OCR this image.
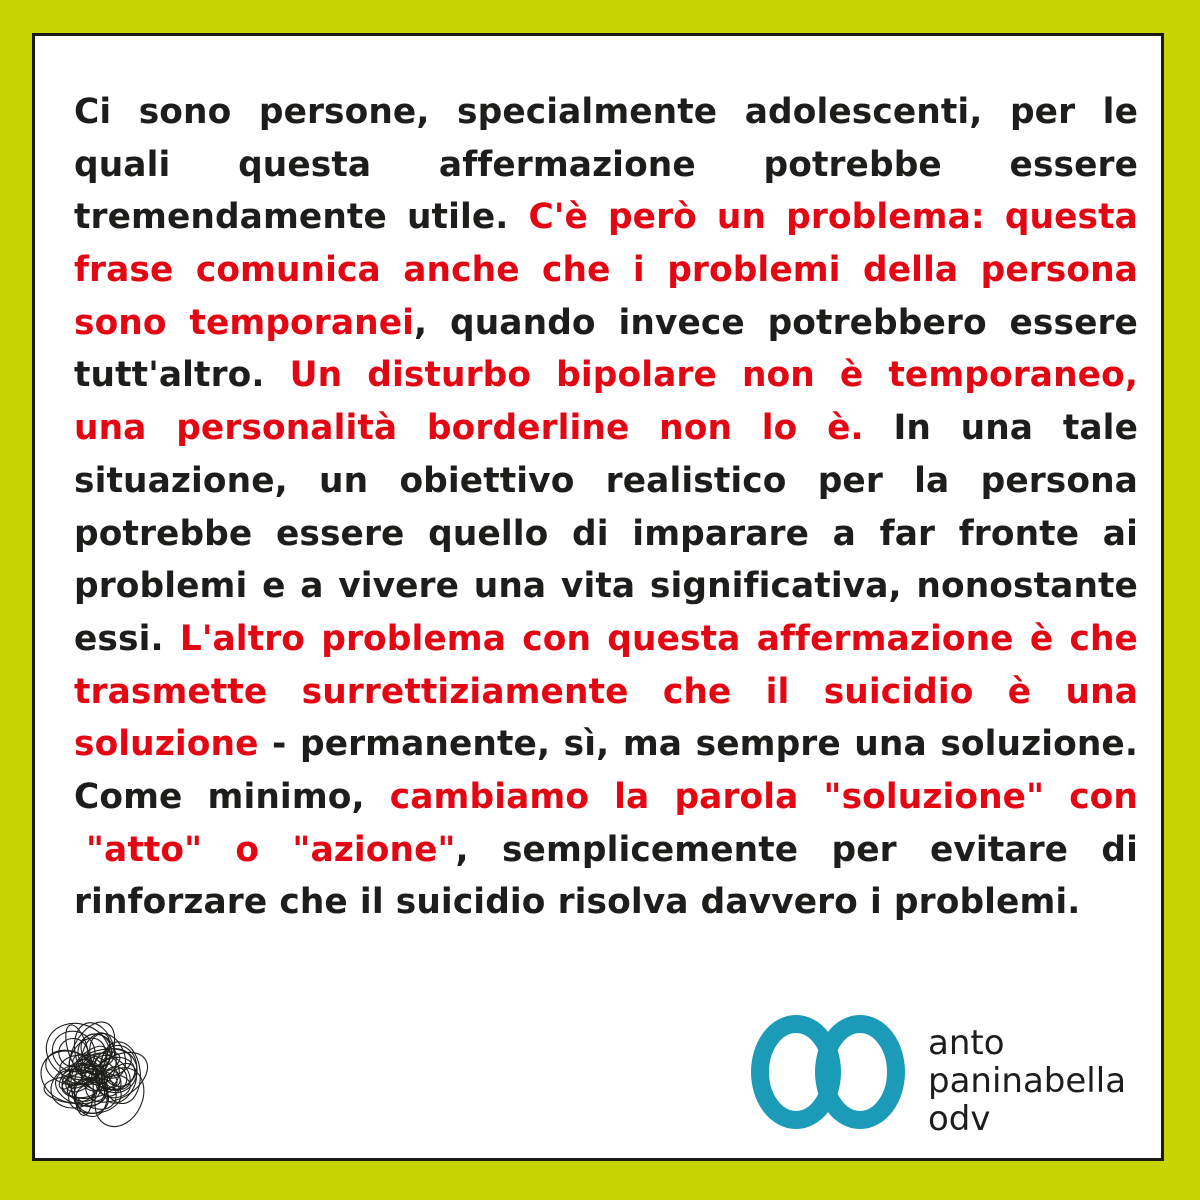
Ci sono persone, specialmente adolescenti, per le
quali questa affermazione potrebbe essere
tremendamente utile. C'è però un problema: questa
frase comunica anche che i problemi della persona
sono temporanei, quando invece potrebbero essere
tutt'altro. Un disturbo bipolare non è temporaneo,
una personalità borderline non lo è. In una tale
situazione, un obiettivo realistico per la persona
potrebbe essere quello di imparare a far fronte ai
problemi e a vivere una vita significativa, nonostante
essi. L'altro problema con questa affermazione è che
trasmette surrettiziamente che il suicidio è una
soluzione - permanente, sì, ma sempre una soluzione.
Come minimo, cambiamo la parola "soluzione" con
"atto" o "azione", semplicemente per evitare di
rinforzare che il suicidio risolva davvero i problemi.
anto
paninabella
odv
